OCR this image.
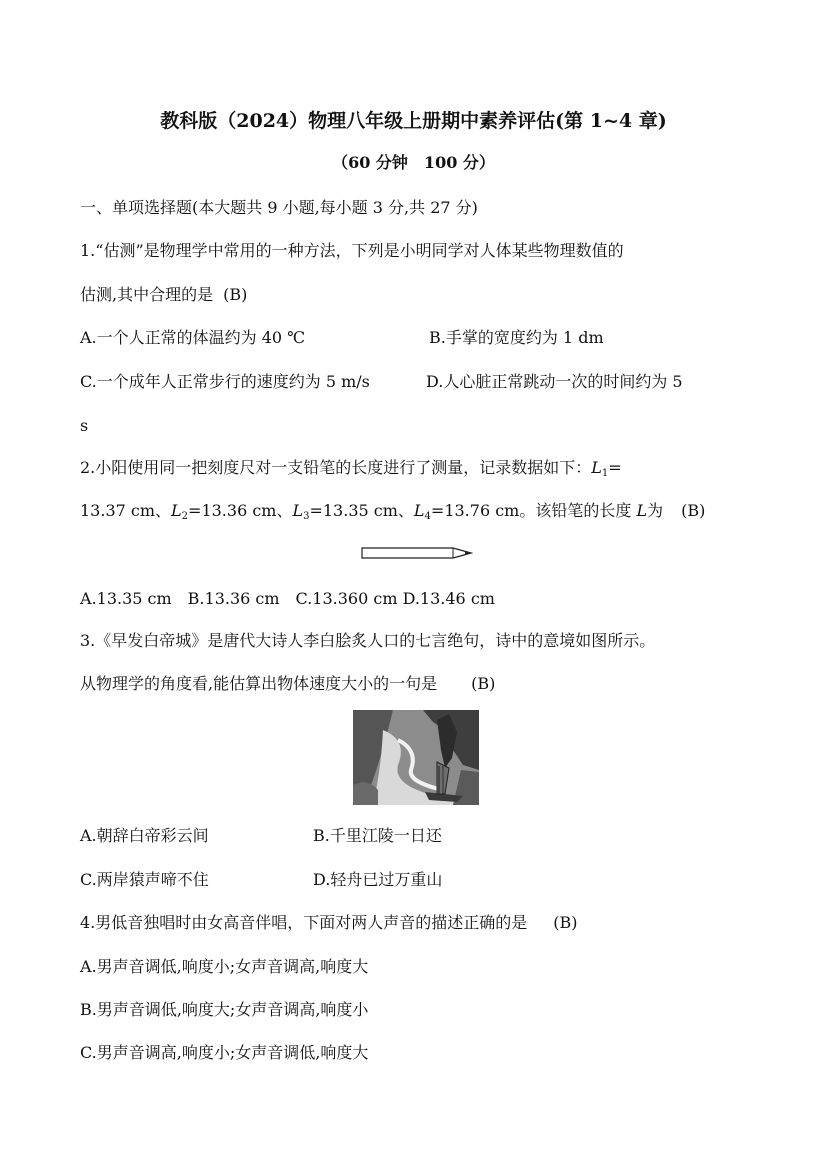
教科版（2024）物理八年级上册期中素养评估(第 1~4 章)
（60 分钟　100 分）
一、单项选择题(本大题共 9 小题,每小题 3 分,共 27 分)
1.“估测”是物理学中常用的一种方法，下列是小明同学对人体某些物理数值的
估测,其中合理的是 (B)
A.一个人正常的体温约为 40 ℃	B.手掌的宽度约为 1 dm
C.一个成年人正常步行的速度约为 5 m/s	D.人心脏正常跳动一次的时间约为 5
s
2.小阳使用同一把刻度尺对一支铅笔的长度进行了测量，记录数据如下：$L_1=$
13.37 cm、$L_2=13.36$ cm、$L_3=13.35$ cm、$L_4=13.76$ cm。该铅笔的长度 L为 (B)
A.13.35 cm　B.13.36 cm　C.13.360 cm D.13.46 cm
3.《早发白帝城》是唐代大诗人李白脍炙人口的七言绝句，诗中的意境如图所示。
从物理学的角度看,能估算出物体速度大小的一句是 (B)
A.朝辞白帝彩云间	B.千里江陵一日还
C.两岸猿声啼不住	D.轻舟已过万重山
4.男低音独唱时由女高音伴唱，下面对两人声音的描述正确的是 (B)
A.男声音调低,响度小;女声音调高,响度大
B.男声音调低,响度大;女声音调高,响度小
C.男声音调高,响度小;女声音调低,响度大
